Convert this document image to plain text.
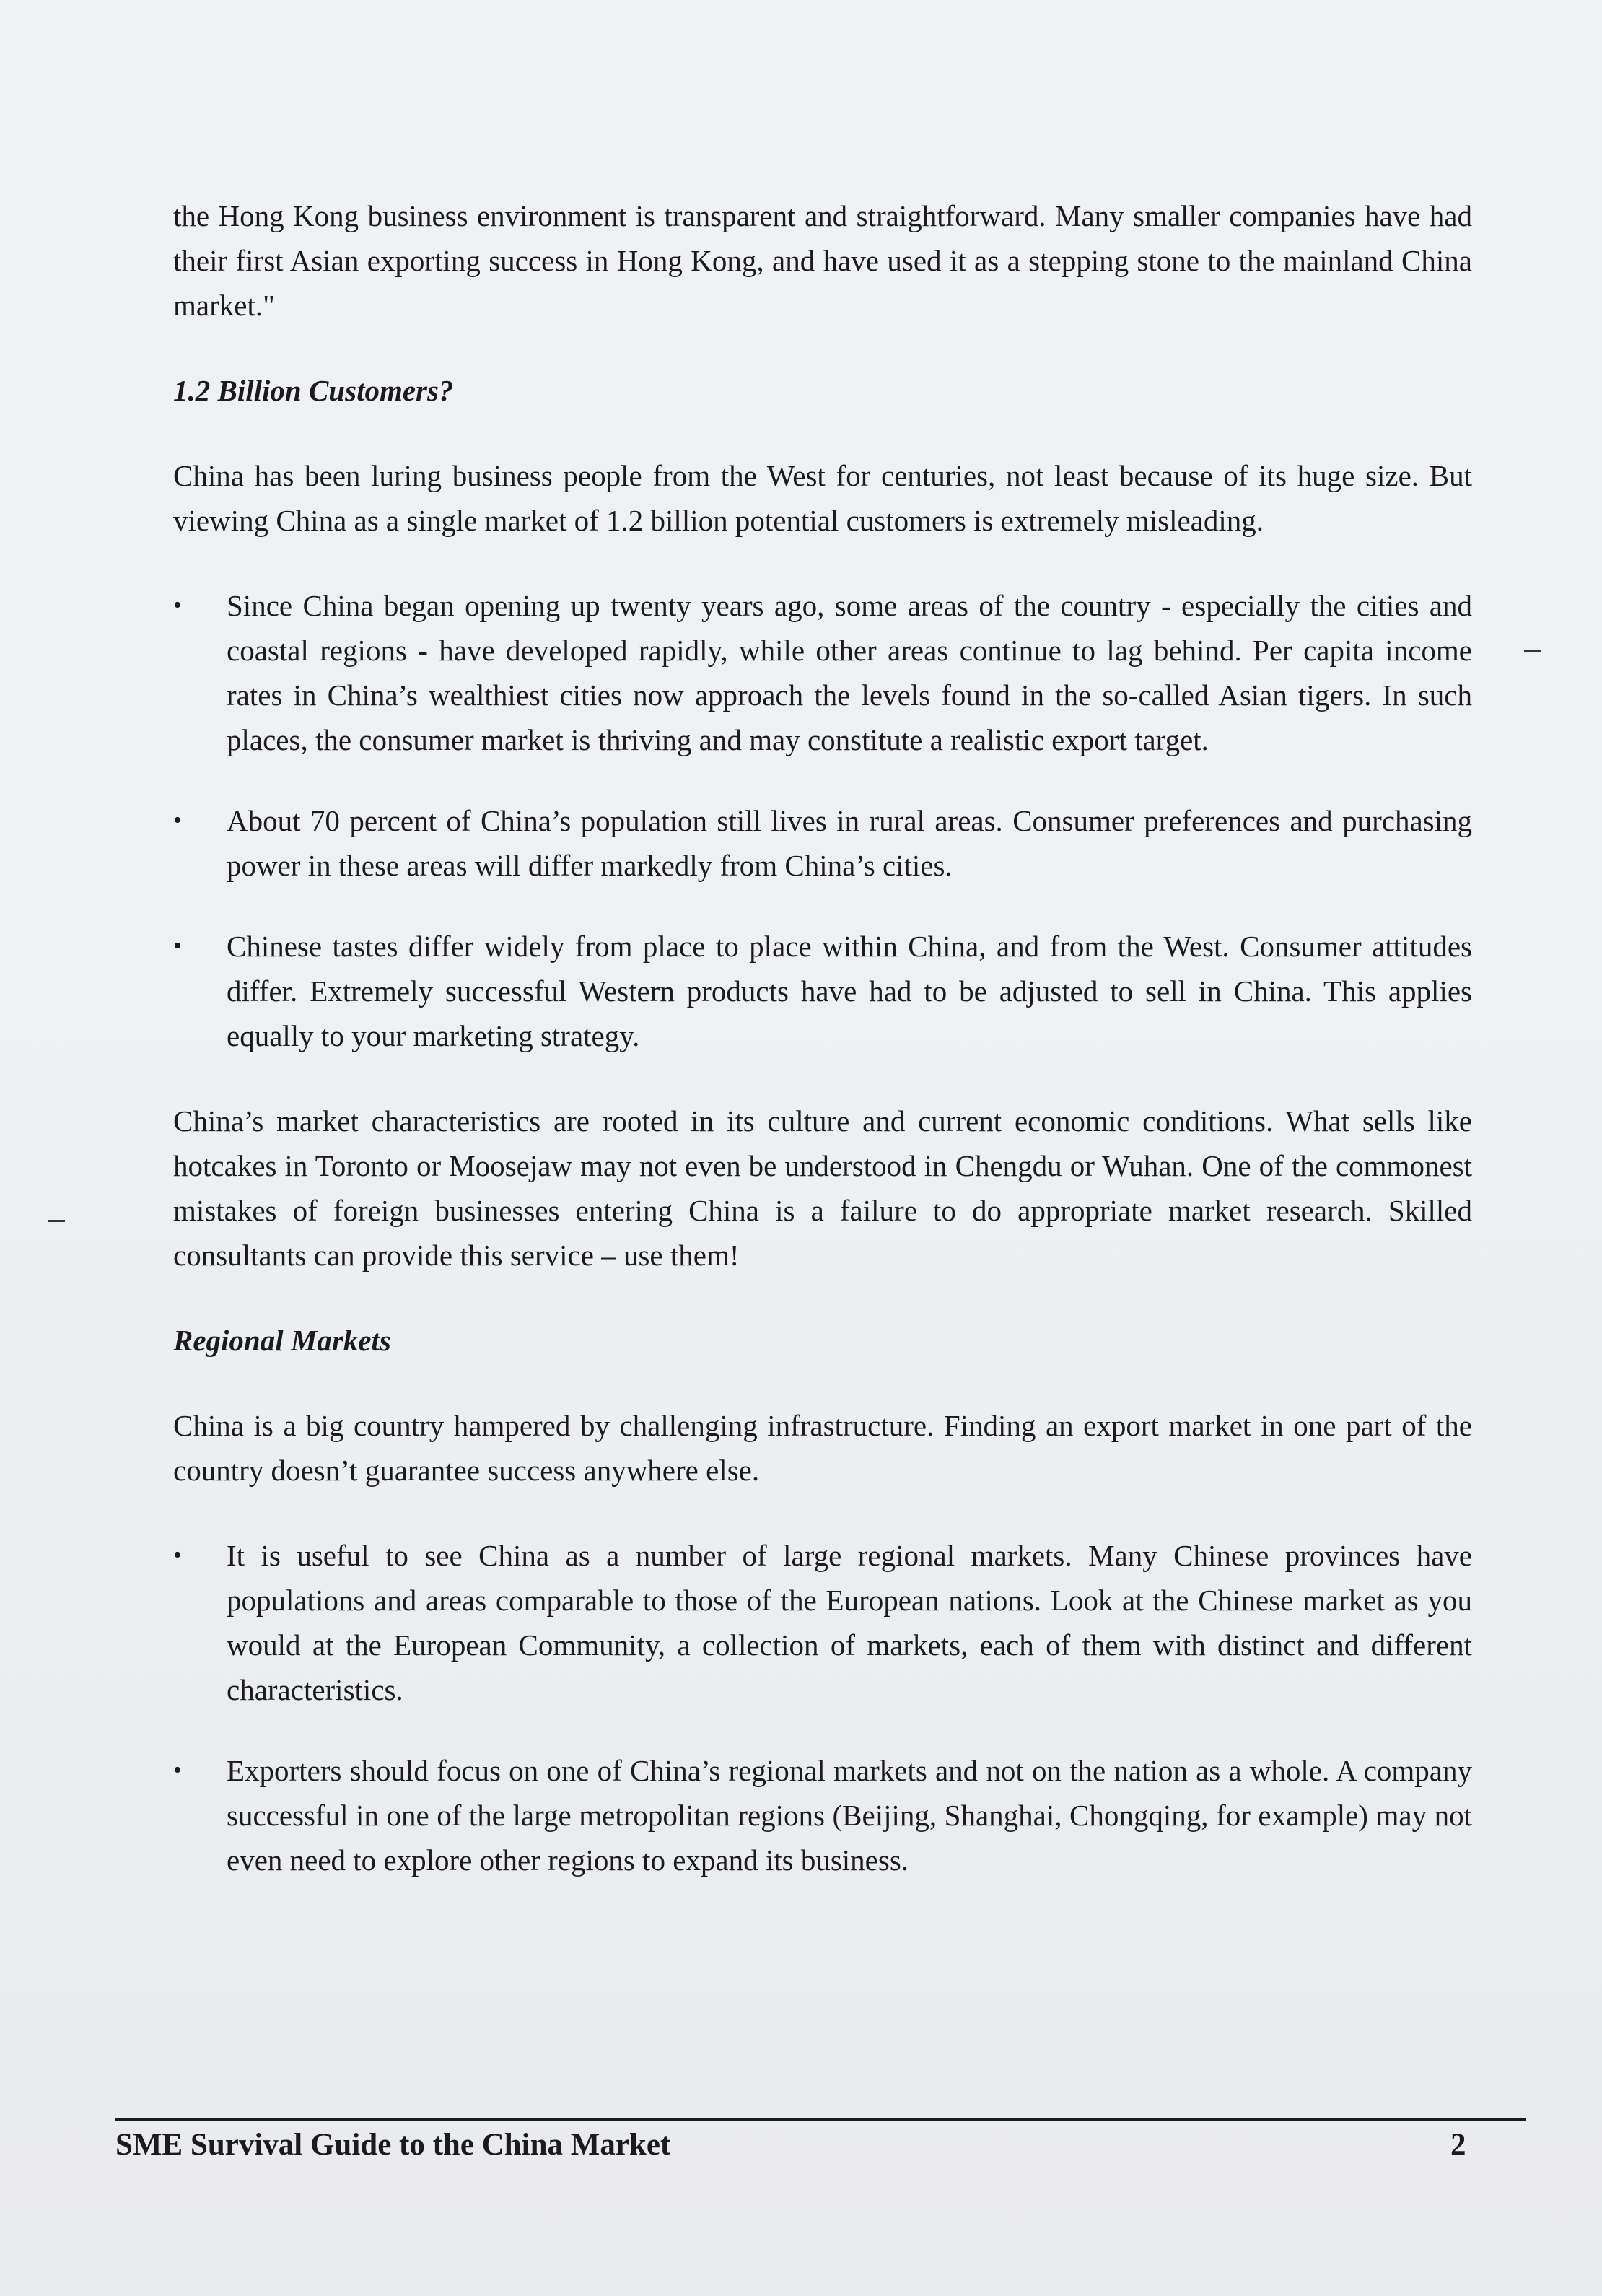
the Hong Kong business environment is transparent and straightforward. Many smaller companies have had their first Asian exporting success in Hong Kong, and have used it as a stepping stone to the mainland China market."

1.2 Billion Customers?

China has been luring business people from the West for centuries, not least because of its huge size. But viewing China as a single market of 1.2 billion potential customers is extremely misleading.

• Since China began opening up twenty years ago, some areas of the country - especially the cities and coastal regions - have developed rapidly, while other areas continue to lag behind. Per capita income rates in China’s wealthiest cities now approach the levels found in the so-called Asian tigers. In such places, the consumer market is thriving and may constitute a realistic export target.
• About 70 percent of China’s population still lives in rural areas. Consumer preferences and purchasing power in these areas will differ markedly from China’s cities.
• Chinese tastes differ widely from place to place within China, and from the West. Consumer attitudes differ. Extremely successful Western products have had to be adjusted to sell in China. This applies equally to your marketing strategy.

China’s market characteristics are rooted in its culture and current economic conditions. What sells like hotcakes in Toronto or Moosejaw may not even be understood in Chengdu or Wuhan. One of the commonest mistakes of foreign businesses entering China is a failure to do appropriate market research. Skilled consultants can provide this service – use them!

Regional Markets

China is a big country hampered by challenging infrastructure. Finding an export market in one part of the country doesn’t guarantee success anywhere else.

• It is useful to see China as a number of large regional markets. Many Chinese provinces have populations and areas comparable to those of the European nations. Look at the Chinese market as you would at the European Community, a collection of markets, each of them with distinct and different characteristics.
• Exporters should focus on one of China’s regional markets and not on the nation as a whole. A company successful in one of the large metropolitan regions (Beijing, Shanghai, Chongqing, for example) may not even need to explore other regions to expand its business.
SME Survival Guide to the China Market	2
